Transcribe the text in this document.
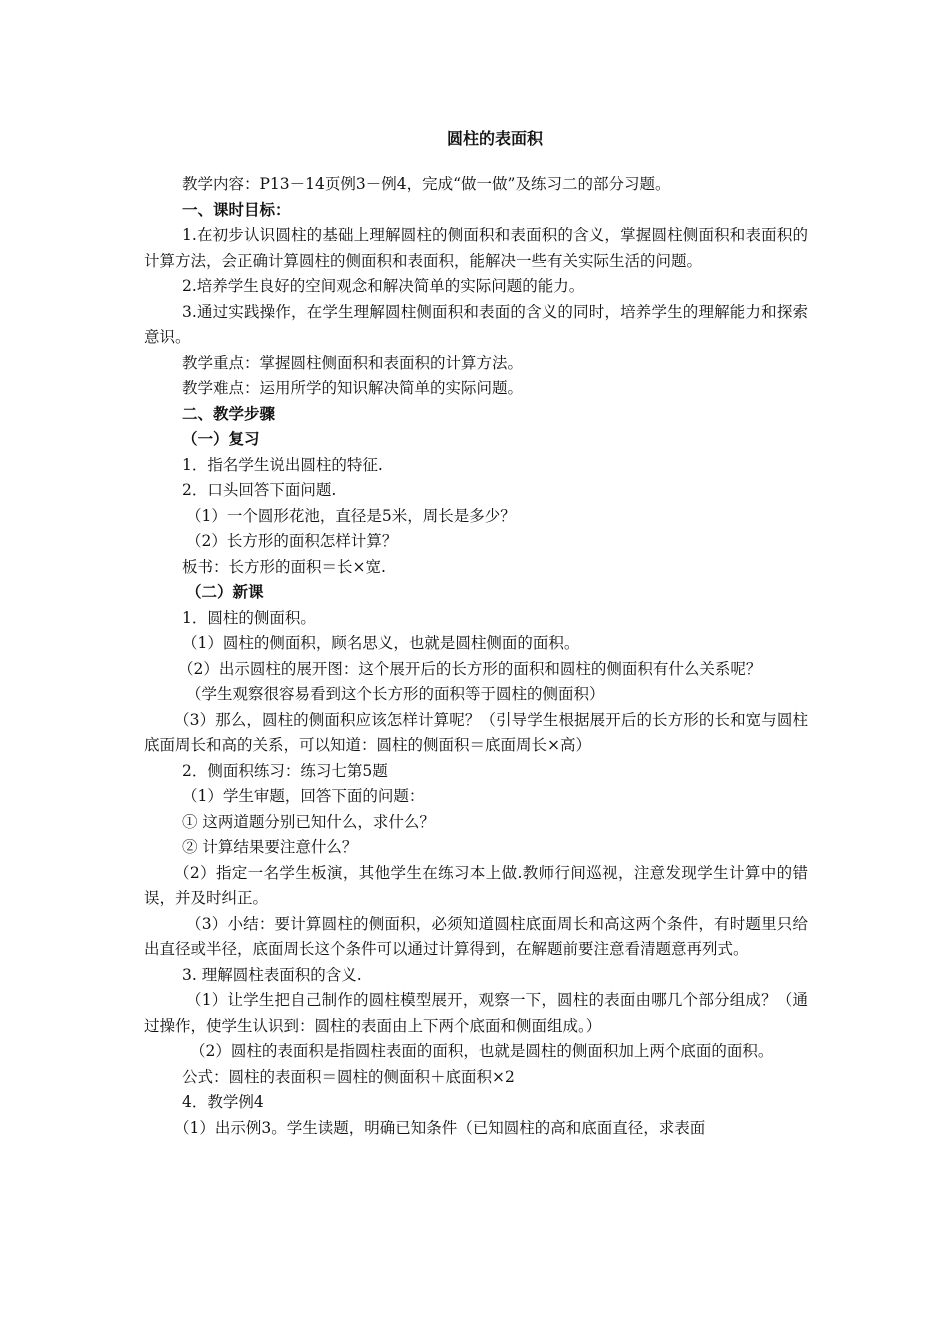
圆柱的表面积

教学内容：P13－14页例3－例4，完成“做一做”及练习二的部分习题。

一、课时目标：

1.在初步认识圆柱的基础上理解圆柱的侧面积和表面积的含义，掌握圆柱侧面积和表面积的计算方法，会正确计算圆柱的侧面积和表面积，能解决一些有关实际生活的问题。

2.培养学生良好的空间观念和解决简单的实际问题的能力。

3.通过实践操作，在学生理解圆柱侧面积和表面的含义的同时，培养学生的理解能力和探索意识。

教学重点：掌握圆柱侧面积和表面积的计算方法。

教学难点：运用所学的知识解决简单的实际问题。

二、教学步骤

（一）复习

1．指名学生说出圆柱的特征.

2．口头回答下面问题.

（1）一个圆形花池，直径是5米，周长是多少？

（2）长方形的面积怎样计算？

板书：长方形的面积＝长×宽.

（二）新课

1．圆柱的侧面积。

（1）圆柱的侧面积，顾名思义，也就是圆柱侧面的面积。

（2）出示圆柱的展开图：这个展开后的长方形的面积和圆柱的侧面积有什么关系呢？

（学生观察很容易看到这个长方形的面积等于圆柱的侧面积）

（3）那么，圆柱的侧面积应该怎样计算呢？（引导学生根据展开后的长方形的长和宽与圆柱底面周长和高的关系，可以知道：圆柱的侧面积＝底面周长×高）

2．侧面积练习：练习七第5题

（1）学生审题，回答下面的问题：

① 这两道题分别已知什么，求什么？

② 计算结果要注意什么？

（2）指定一名学生板演，其他学生在练习本上做.教师行间巡视，注意发现学生计算中的错误，并及时纠正。

（3）小结：要计算圆柱的侧面积，必须知道圆柱底面周长和高这两个条件，有时题里只给出直径或半径，底面周长这个条件可以通过计算得到，在解题前要注意看清题意再列式。

3. 理解圆柱表面积的含义.

（1）让学生把自己制作的圆柱模型展开，观察一下，圆柱的表面由哪几个部分组成？（通过操作，使学生认识到：圆柱的表面由上下两个底面和侧面组成。）

（2）圆柱的表面积是指圆柱表面的面积，也就是圆柱的侧面积加上两个底面的面积。

公式：圆柱的表面积＝圆柱的侧面积＋底面积×2

4．教学例4

（1）出示例3。学生读题，明确已知条件（已知圆柱的高和底面直径，求表面
